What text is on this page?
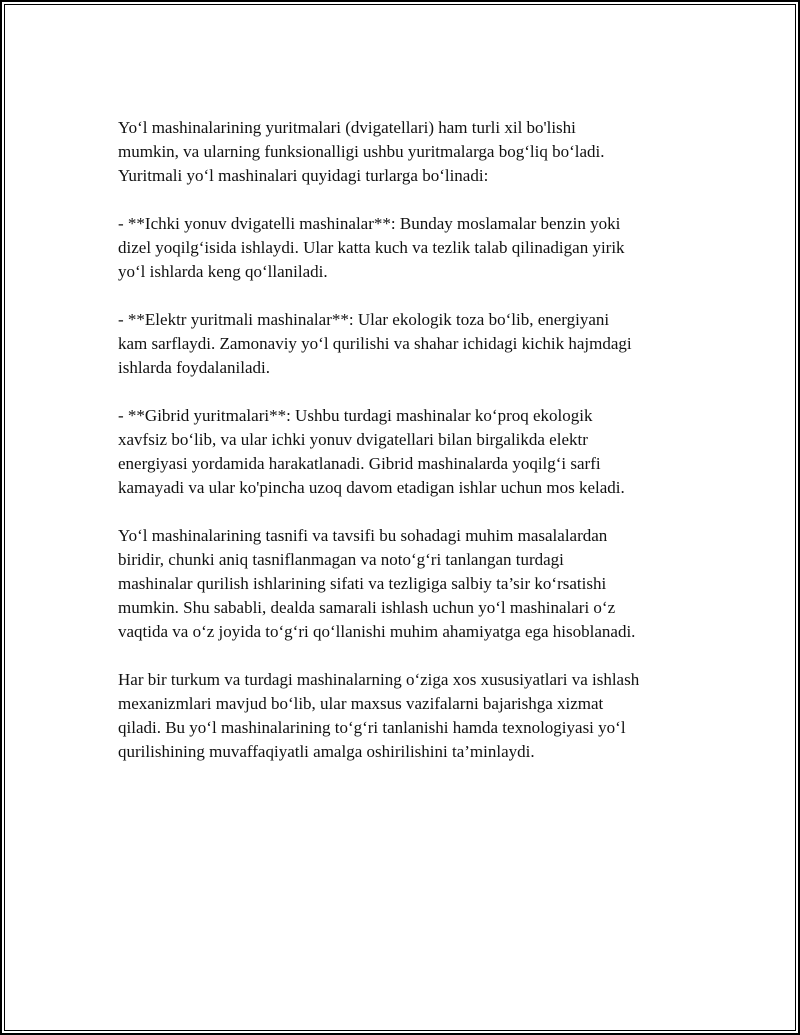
Yo‘l mashinalarining yuritmalari (dvigatellari) ham turli xil bo'lishi
mumkin, va ularning funksionalligi ushbu yuritmalarga bog‘liq bo‘ladi.
Yuritmali yo‘l mashinalari quyidagi turlarga bo‘linadi:

- **Ichki yonuv dvigatelli mashinalar**: Bunday moslamalar benzin yoki
dizel yoqilg‘isida ishlaydi. Ular katta kuch va tezlik talab qilinadigan yirik
yo‘l ishlarda keng qo‘llaniladi.

- **Elektr yuritmali mashinalar**: Ular ekologik toza bo‘lib, energiyani
kam sarflaydi. Zamonaviy yo‘l qurilishi va shahar ichidagi kichik hajmdagi
ishlarda foydalaniladi.

- **Gibrid yuritmalari**: Ushbu turdagi mashinalar ko‘proq ekologik
xavfsiz bo‘lib, va ular ichki yonuv dvigatellari bilan birgalikda elektr
energiyasi yordamida harakatlanadi. Gibrid mashinalarda yoqilg‘i sarfi
kamayadi va ular ko'pincha uzoq davom etadigan ishlar uchun mos keladi.

Yo‘l mashinalarining tasnifi va tavsifi bu sohadagi muhim masalalardan
biridir, chunki aniq tasniflanmagan va noto‘g‘ri tanlangan turdagi
mashinalar qurilish ishlarining sifati va tezligiga salbiy ta’sir ko‘rsatishi
mumkin. Shu sababli, dealda samarali ishlash uchun yo‘l mashinalari o‘z
vaqtida va o‘z joyida to‘g‘ri qo‘llanishi muhim ahamiyatga ega hisoblanadi.

Har bir turkum va turdagi mashinalarning o‘ziga xos xususiyatlari va ishlash
mexanizmlari mavjud bo‘lib, ular maxsus vazifalarni bajarishga xizmat
qiladi. Bu yo‘l mashinalarining to‘g‘ri tanlanishi hamda texnologiyasi yo‘l
qurilishining muvaffaqiyatli amalga oshirilishini ta’minlaydi.
